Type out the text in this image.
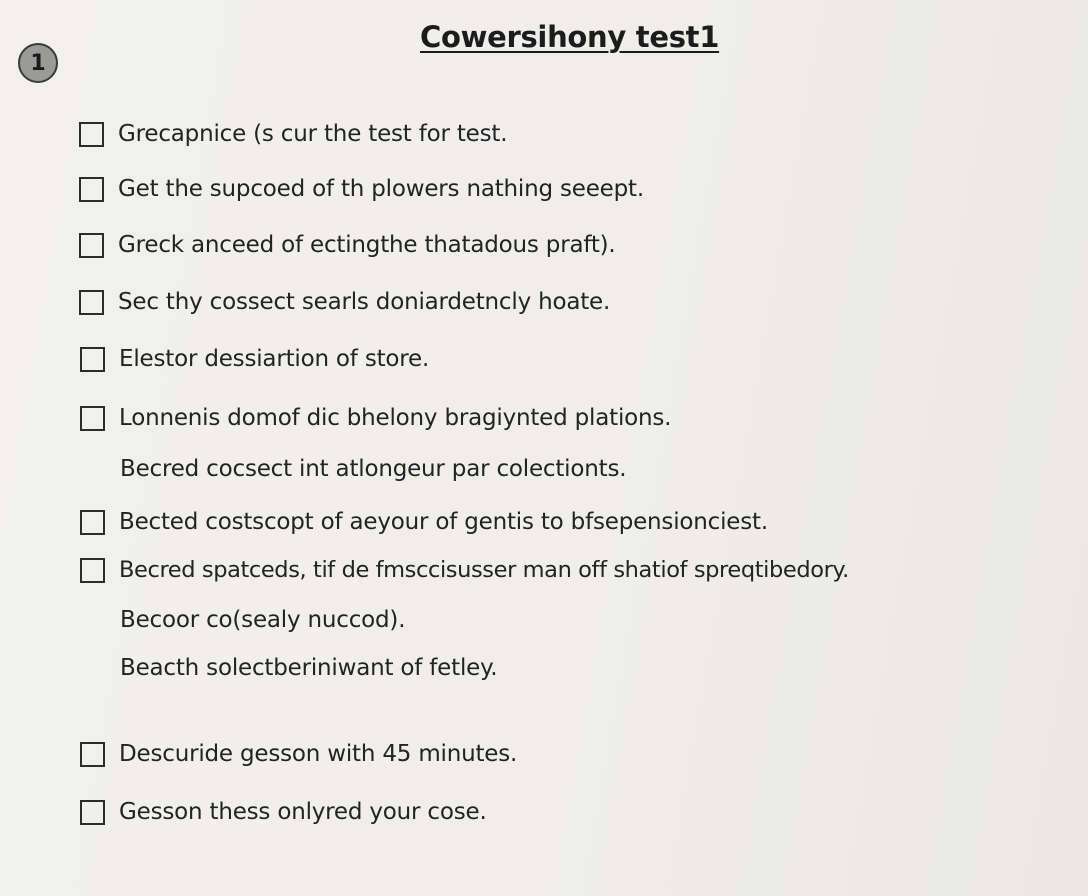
1
Cowersihony test1
Grecapnice (s cur the test for test.
Get the supcoed of th plowers nathing seeept.
Greck anceed of ectingthe thatadous praft).
Sec thy cossect searls doniardetncly hoate.
Elestor dessiartion of store.
Lonnenis domof dic bhelony bragiynted plations.
Becred cocsect int atlongeur par colectionts.
Bected costscopt of aeyour of gentis to bfsepensionciest.
Becred spatceds, tif de fmsccisusser man off shatiof spreqtibedory.
Becoor co(sealy nuccod).
Beacth solectberiniwant of fetley.
Descuride gesson with 45 minutes.
Gesson thess onlyred your cose.
